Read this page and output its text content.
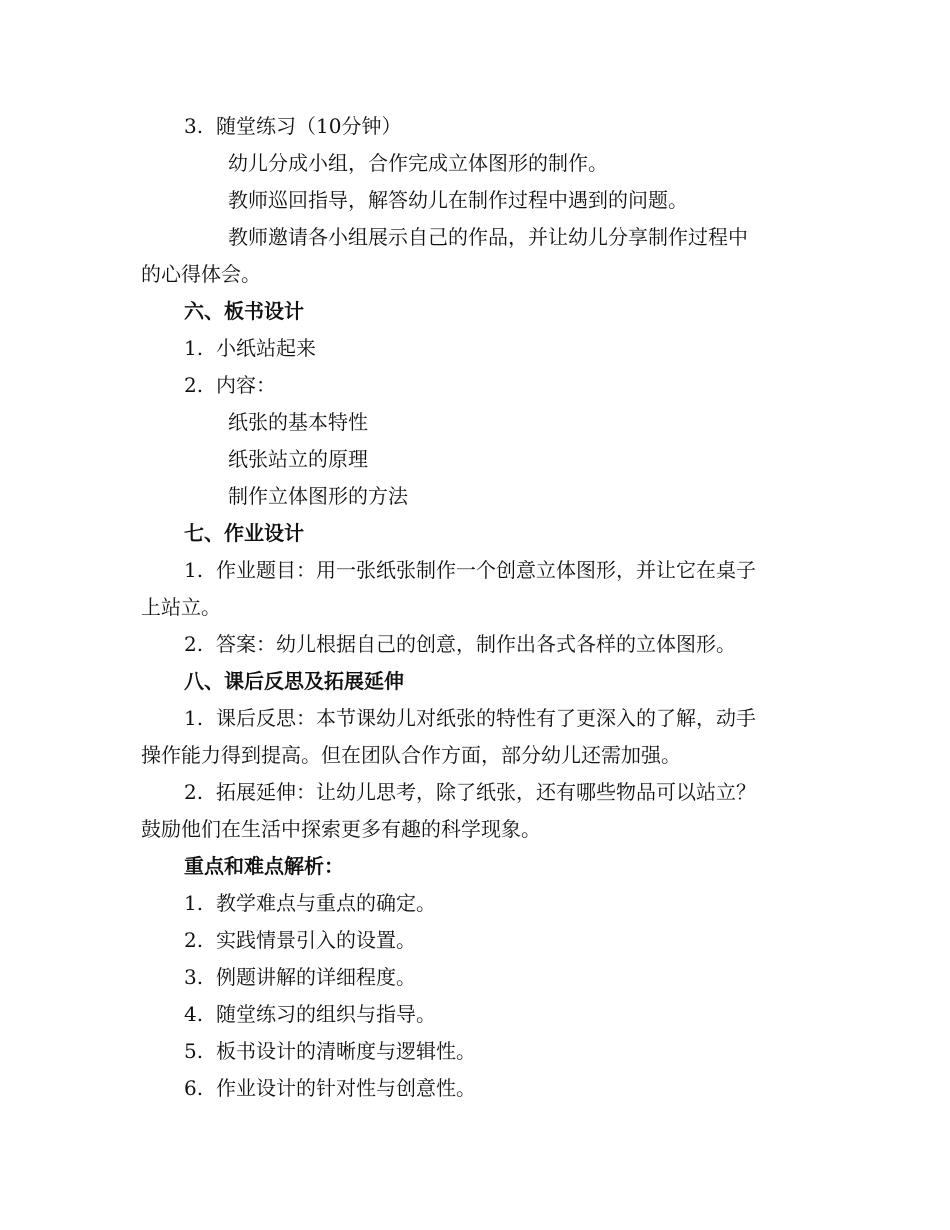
3. 随堂练习（10分钟）
幼儿分成小组，合作完成立体图形的制作。
教师巡回指导，解答幼儿在制作过程中遇到的问题。
教师邀请各小组展示自己的作品，并让幼儿分享制作过程中
的心得体会。
六、板书设计
1. 小纸站起来
2. 内容：
纸张的基本特性
纸张站立的原理
制作立体图形的方法
七、作业设计
1. 作业题目：用一张纸张制作一个创意立体图形，并让它在桌子
上站立。
2. 答案：幼儿根据自己的创意，制作出各式各样的立体图形。
八、课后反思及拓展延伸
1. 课后反思：本节课幼儿对纸张的特性有了更深入的了解，动手
操作能力得到提高。但在团队合作方面，部分幼儿还需加强。
2. 拓展延伸：让幼儿思考，除了纸张，还有哪些物品可以站立？
鼓励他们在生活中探索更多有趣的科学现象。
重点和难点解析：
1. 教学难点与重点的确定。
2. 实践情景引入的设置。
3. 例题讲解的详细程度。
4. 随堂练习的组织与指导。
5. 板书设计的清晰度与逻辑性。
6. 作业设计的针对性与创意性。
